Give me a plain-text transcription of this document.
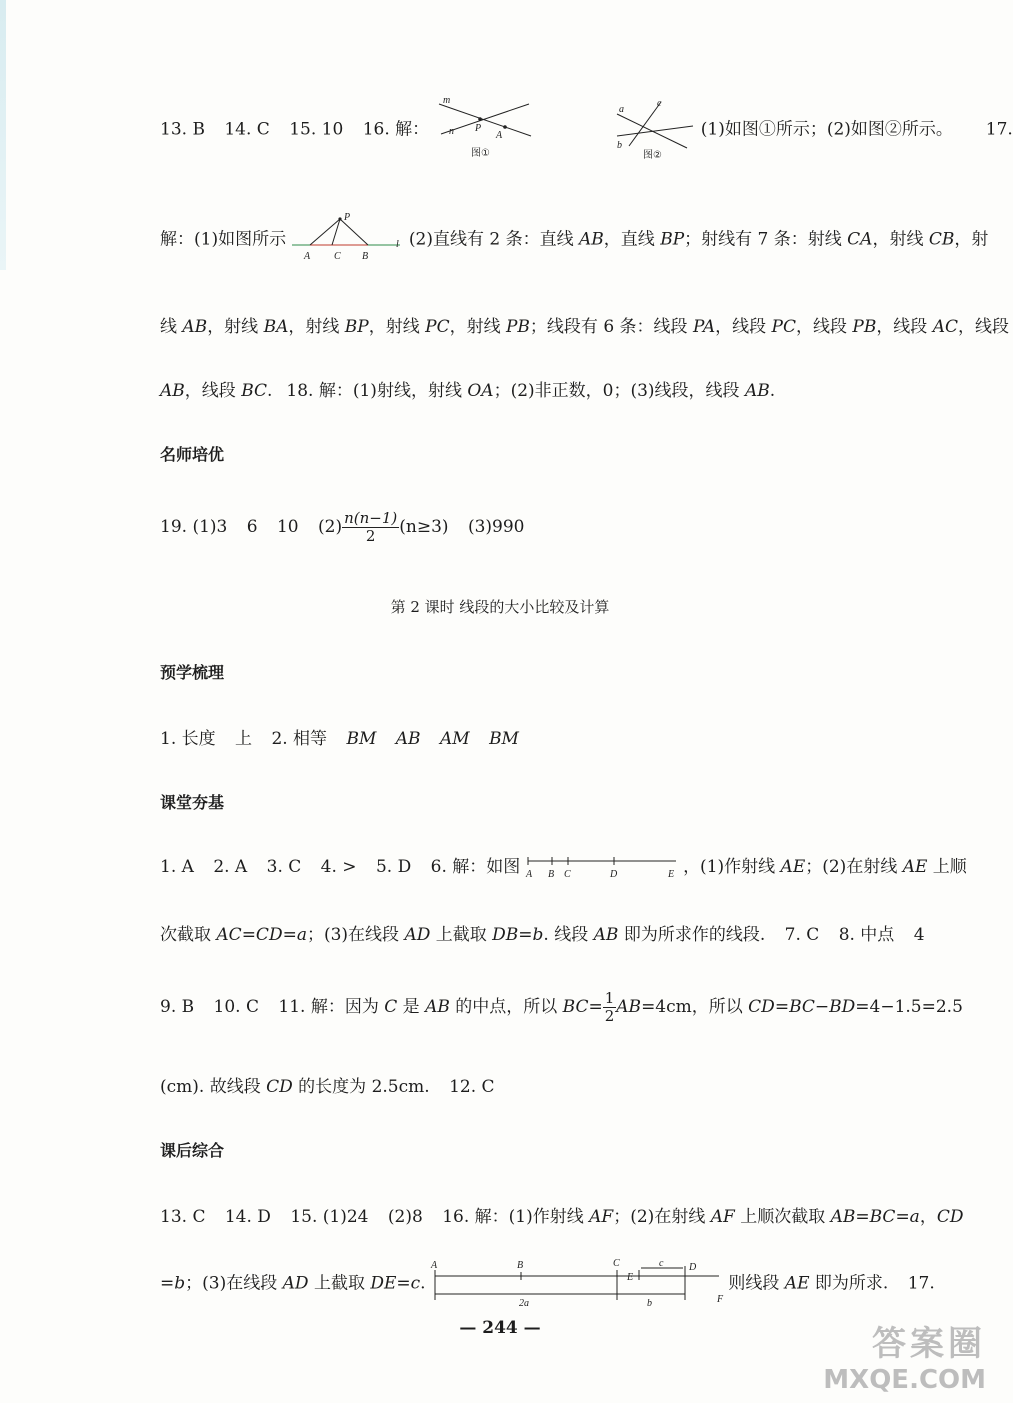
13. B 14. C 15. 10 16. 解：
m
n P
A
图①

a
b
c
图②
(1)如图①所示；(2)如图②所示。 17.
解：(1)如图所示
P
A C B
l (2)直线有 2 条：直线 AB，直线 BP；射线有 7 条：射线 CA，射线 CB，射
线 AB，射线 BA，射线 BP，射线 PC，射线 PB；线段有 6 条：线段 PA，线段 PC，线段 PB，线段 AC，线段
AB，线段 BC. 18. 解：(1)射线，射线 OA；(2)非正数，0；(3)线段，线段 AB.
名师培优
19. (1)3 6 10 $(2) \frac{n(n-1)}{2} (n\ge 3)$ (3)990
第 2 课时 线段的大小比较及计算
预学梳理
1. 长度 上 2. 相等 BM AB AM BM
课堂夯基
1. A 2. A 3. C 4. > 5. D 6. 解：如图 A B C	D	E ，(1)作射线 AE；(2)在射线 AE 上顺
次截取 AC=CD=a；(3)在线段 AD 上截取 DB=b. 线段 AB 即为所求作的线段. 7. C 8. 中点 4
9. B 10. C 11. 解：因为 C 是 AB 的中点，所以 $BC= \frac{1}{2} AB=4cm$，所以 CD=BC−BD=4−1.5=2.5
(cm). 故线段 CD 的长度为 2.5cm. 12. C
课后综合
13. C 14. D 15. (1)24 (2)8 16. 解：(1)作射线 AF；(2)在射线 AF 上顺次截取 AB=BC=a，CD
=b；(3)在线段 AD 上截取 DE=c.
A	B	C
E
D
c
2a	b	F
则线段 AE 即为所求. 17.
— 244 —	答案圈
MXQE.COM
